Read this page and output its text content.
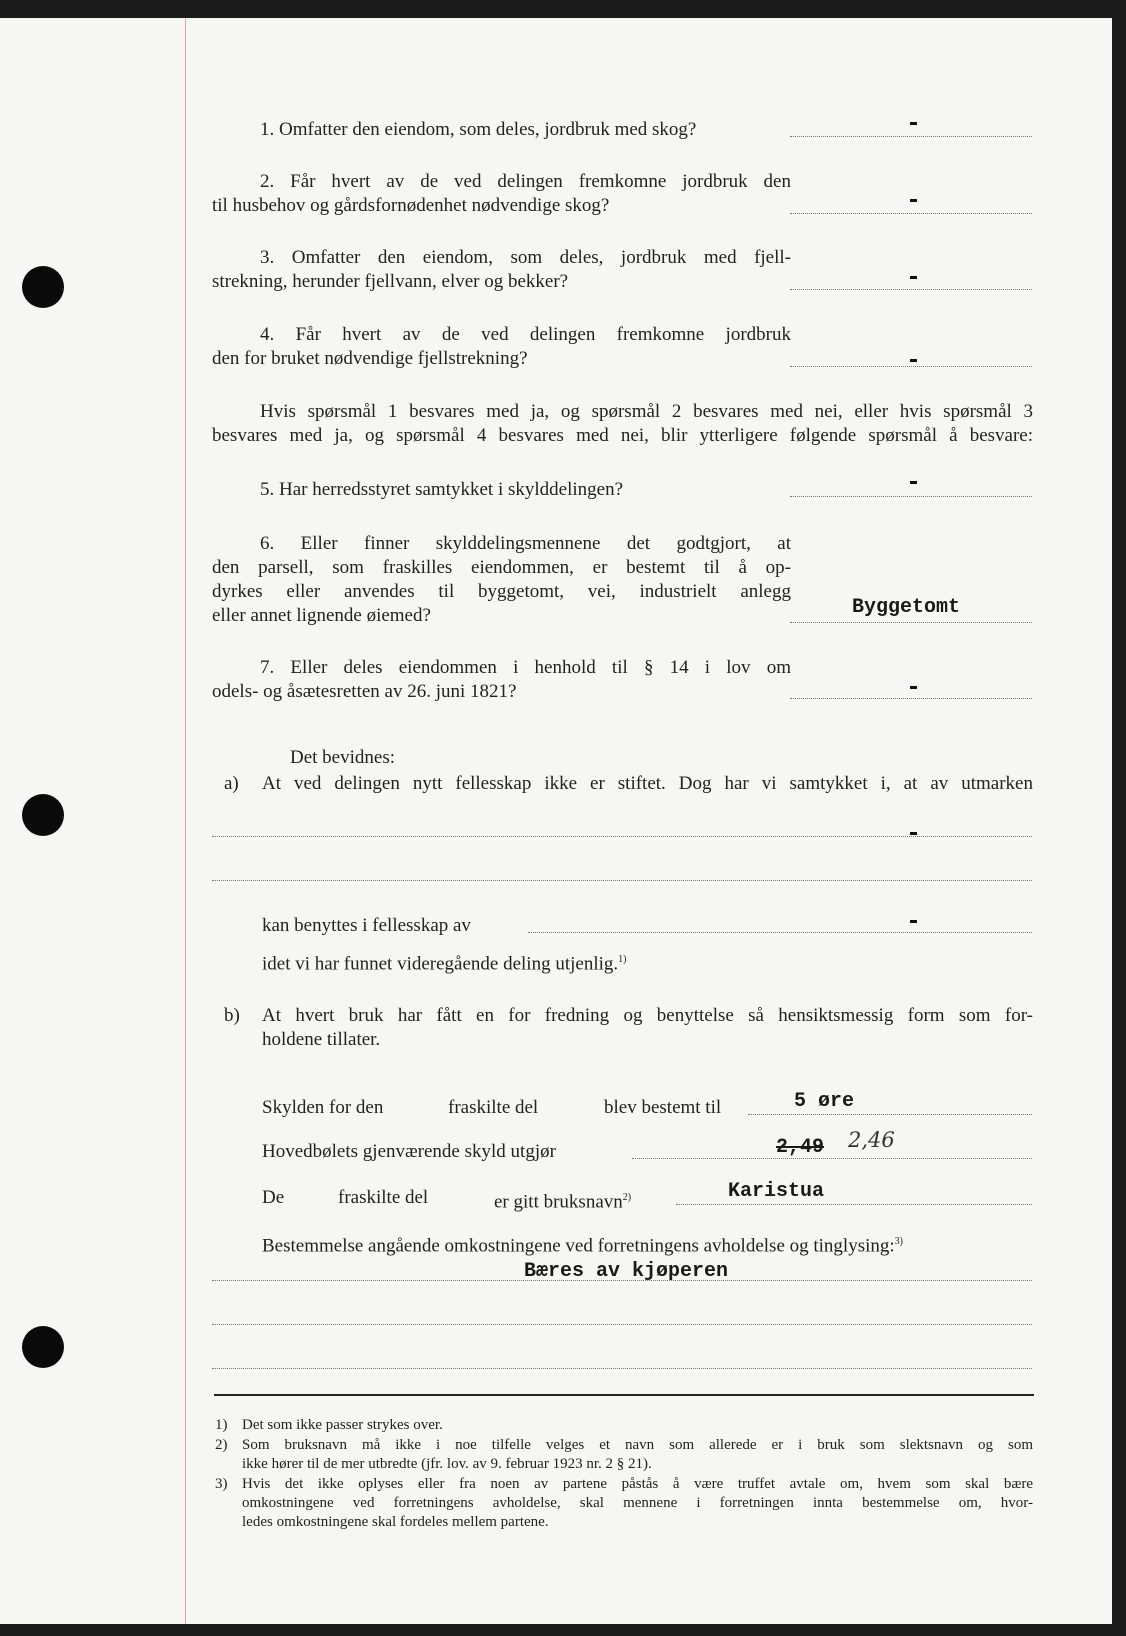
1. Omfatter den eiendom, som deles, jordbruk med skog?
2. Får hvert av de ved delingen fremkomne jordbruk den
til husbehov og gårdsfornødenhet nødvendige skog?
3. Omfatter den eiendom, som deles, jordbruk med fjell-
strekning, herunder fjellvann, elver og bekker?
4. Får hvert av de ved delingen fremkomne jordbruk
den for bruket nødvendige fjellstrekning?
Hvis spørsmål 1 besvares med ja, og spørsmål 2 besvares med nei, eller hvis spørsmål 3
besvares med ja, og spørsmål 4 besvares med nei, blir ytterligere følgende spørsmål å besvare:
5. Har herredsstyret samtykket i skylddelingen?
6. Eller finner skylddelingsmennene det godtgjort, at
den parsell, som fraskilles eiendommen, er bestemt til å op-
dyrkes eller anvendes til byggetomt, vei, industrielt anlegg
eller annet lignende øiemed?	Byggetomt
7. Eller deles eiendommen i henhold til § 14 i lov om
odels- og åsætesretten av 26. juni 1821?
Det bevidnes:
a) At ved delingen nytt fellesskap ikke er stiftet. Dog har vi samtykket i, at av utmarken
kan benyttes i fellesskap av
idet vi har funnet videregående deling utjenlig.$^{1)}$
b) At hvert bruk har fått en for fredning og benyttelse så hensiktsmessig form som for-
holdene tillater.
Skylden for den	fraskilte del	blev bestemt til	5 øre
Hovedbølets gjenværende skyld utgjør	2,49 2,46
De	fraskilte del	er gitt bruksnavn$^{2)}$	Karistua
Bestemmelse angående omkostningene ved forretningens avholdelse og tinglysing:$^{3)}$
Bæres av kjøperen
1) Det som ikke passer strykes over.
2) Som bruksnavn må ikke i noe tilfelle velges et navn som allerede er i bruk som slektsnavn og som
ikke hører til de mer utbredte (jfr. lov. av 9. februar 1923 nr. 2 § 21).
3) Hvis det ikke oplyses eller fra noen av partene påstås å være truffet avtale om, hvem som skal bære
omkostningene ved forretningens avholdelse, skal mennene i forretningen innta bestemmelse om, hvor-
ledes omkostningene skal fordeles mellem partene.
